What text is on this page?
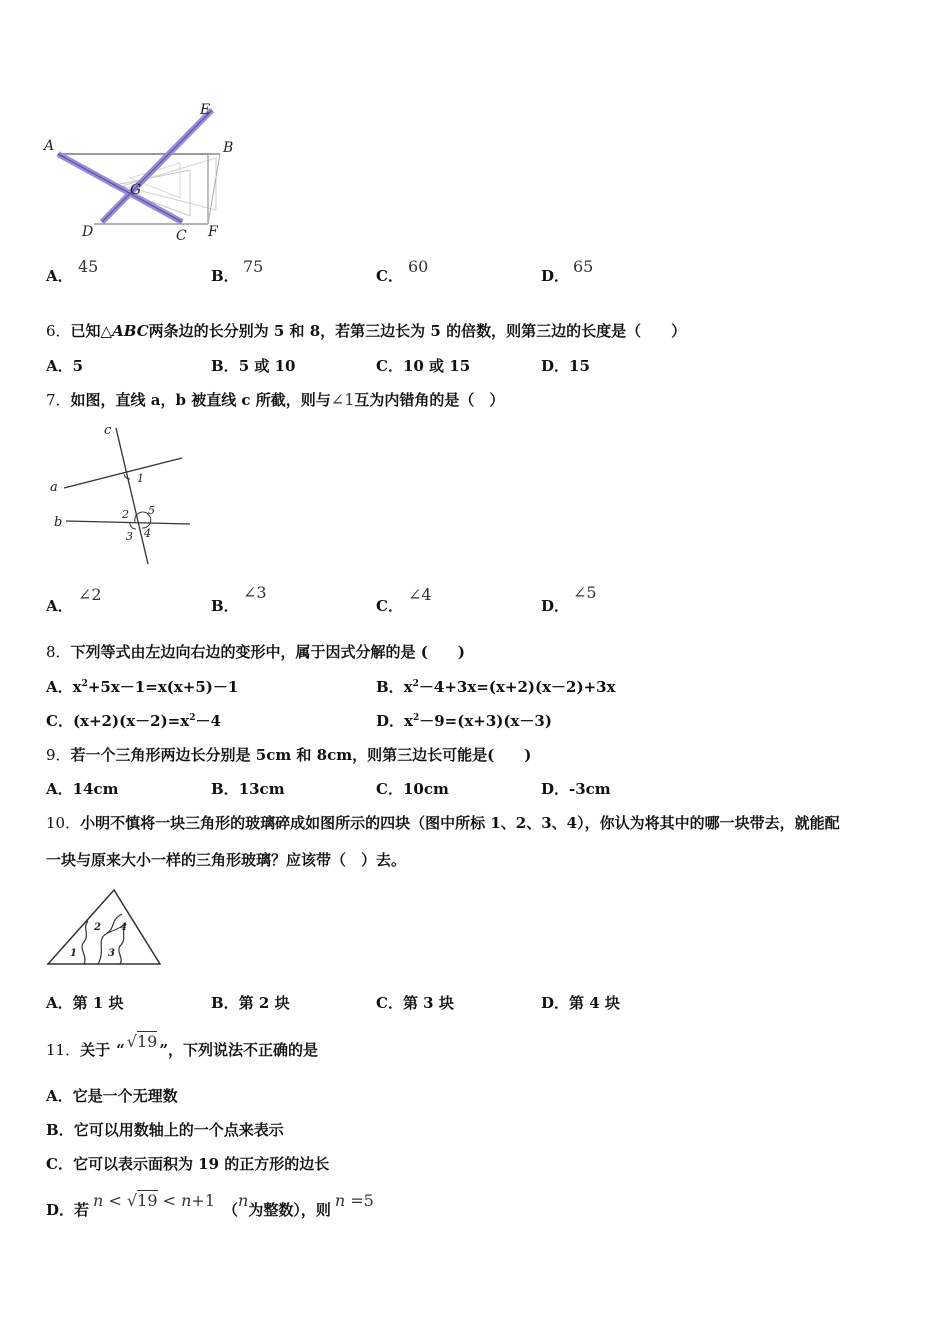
A	B
E
G
D	C F
A． 45	B． 75	C． 60	D． 65
6．已知△ABC两条边的长分别为 5 和 8，若第三边长为 5 的倍数，则第三边的长度是（　　）
A．5	B．5 或 10	C．10 或 15	D．15
7．如图，直线 a，b 被直线 c 所截，则与∠1互为内错角的是（　）
c
a
b
1
2 5
3 4
A．
∠2
B．
∠3
C．
∠4
D．
∠5
8．下列等式由左边向右边的变形中，属于因式分解的是 (　　)
A．$x^2+5x-1=x(x+5)-1$	B．$x^2-4+3x=(x+2)(x-2)+3x$
C．$(x+2)(x-2)=x^2-4$	D．$x^2-9=(x+3)(x-3)$
9．若一个三角形两边长分别是 5cm 和 8cm，则第三边长可能是(　　)
A．14cm	B．13cm	C．10cm	D．-3cm
10．小明不慎将一块三角形的玻璃碎成如图所示的四块（图中所标 1、2、3、4），你认为将其中的哪一块带去，就能配
一块与原来大小一样的三角形玻璃？应该带（　）去。
1
2
3
4
A．第 1 块	B．第 2 块	C．第 3 块	D．第 4 块
11．关于 “ √19 ”，下列说法不正确的是
A．它是一个无理数
B．它可以用数轴上的一个点来表示
C．它可以表示面积为 19 的正方形的边长
D．若 n < √19 < n+1 （n为整数），则 n =5
